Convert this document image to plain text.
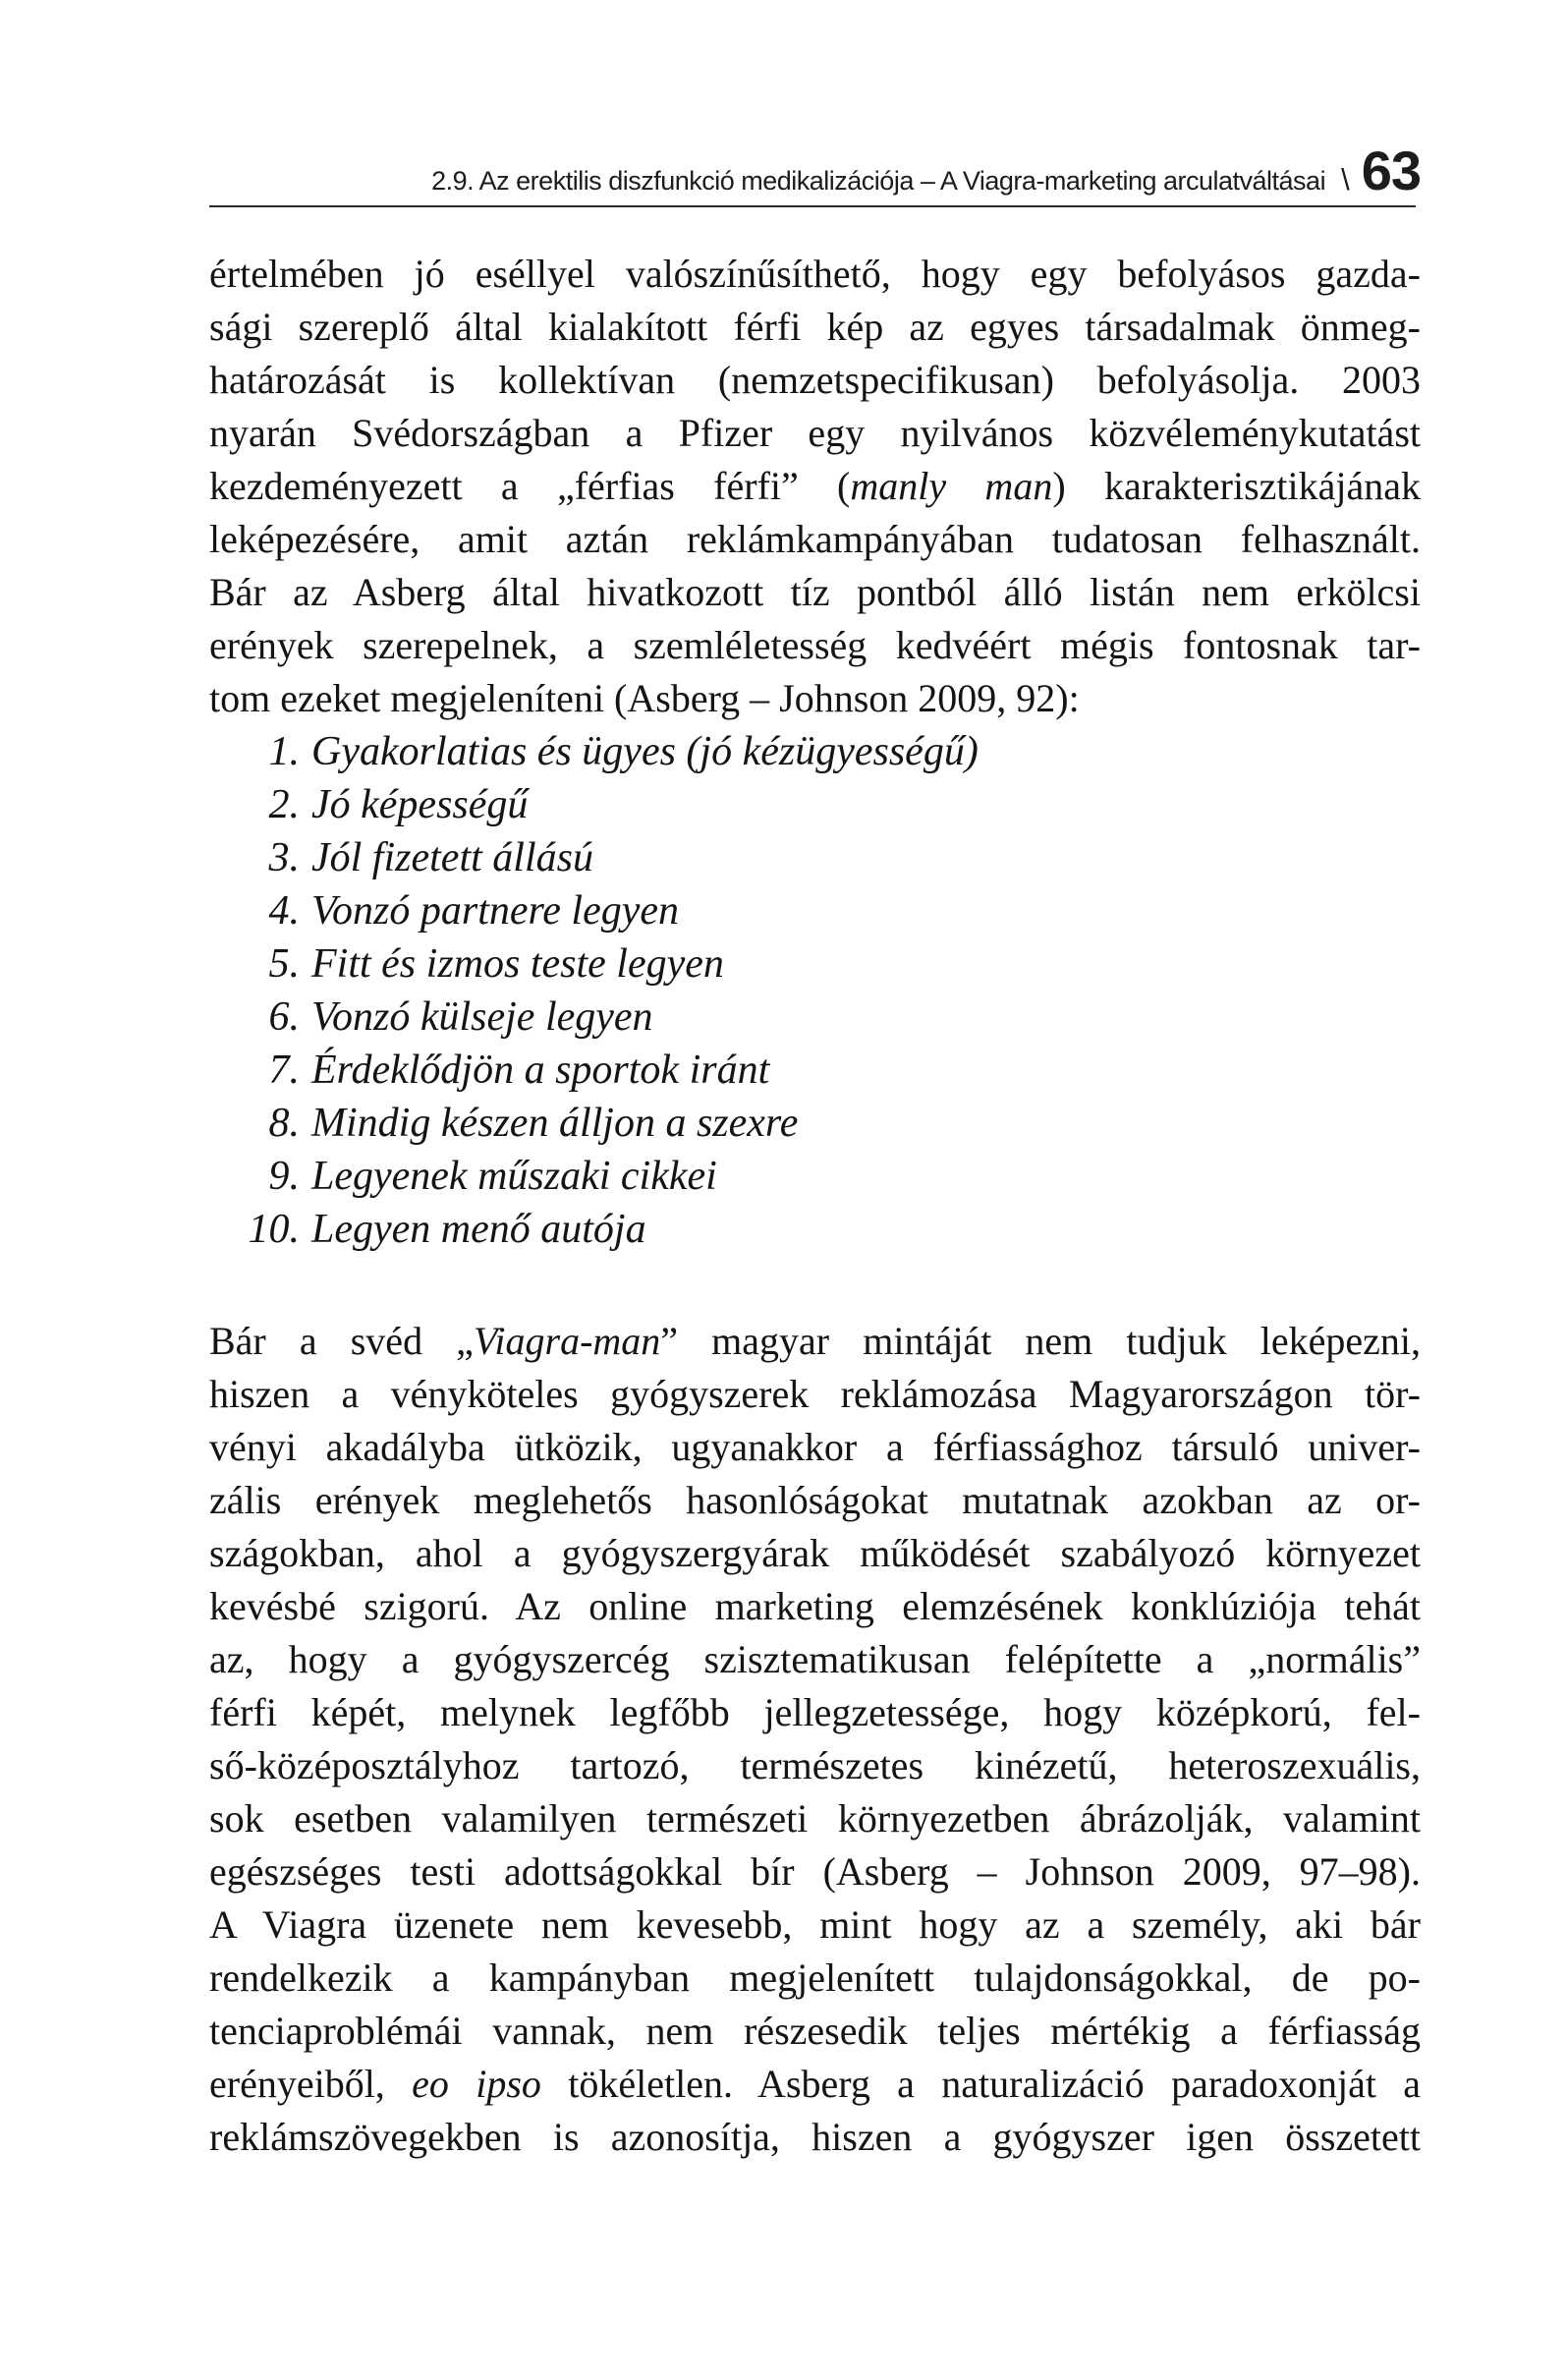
2.9. Az erektilis diszfunkció medikalizációja – A Viagra-marketing arculatváltásai \ 63
értelmében jó eséllyel valószínűsíthető, hogy egy befolyásos gazda-
sági szereplő által kialakított férfi kép az egyes társadalmak önmeg-
határozását is kollektívan (nemzetspecifikusan) befolyásolja. 2003
nyarán Svédországban a Pfizer egy nyilvános közvéleménykutatást
kezdeményezett a „férfias férfi” (manly man) karakterisztikájának
leképezésére, amit aztán reklámkampányában tudatosan felhasznált.
Bár az Asberg által hivatkozott tíz pontból álló listán nem erkölcsi
erények szerepelnek, a szemléletesség kedvéért mégis fontosnak tar-
tom ezeket megjeleníteni (Asberg – Johnson 2009, 92):
1. Gyakorlatias és ügyes (jó kézügyességű)
2. Jó képességű
3. Jól fizetett állású
4. Vonzó partnere legyen
5. Fitt és izmos teste legyen
6. Vonzó külseje legyen
7. Érdeklődjön a sportok iránt
8. Mindig készen álljon a szexre
9. Legyenek műszaki cikkei
10. Legyen menő autója
Bár a svéd „Viagra-man” magyar mintáját nem tudjuk leképezni,
hiszen a vényköteles gyógyszerek reklámozása Magyarországon tör-
vényi akadályba ütközik, ugyanakkor a férfiassághoz társuló univer-
zális erények meglehetős hasonlóságokat mutatnak azokban az or-
szágokban, ahol a gyógyszergyárak működését szabályozó környezet
kevésbé szigorú. Az online marketing elemzésének konklúziója tehát
az, hogy a gyógyszercég szisztematikusan felépítette a „normális”
férfi képét, melynek legfőbb jellegzetessége, hogy középkorú, fel-
ső-középosztályhoz tartozó, természetes kinézetű, heteroszexuális,
sok esetben valamilyen természeti környezetben ábrázolják, valamint
egészséges testi adottságokkal bír (Asberg – Johnson 2009, 97–98).
A Viagra üzenete nem kevesebb, mint hogy az a személy, aki bár
rendelkezik a kampányban megjelenített tulajdonságokkal, de po-
tenciaproblémái vannak, nem részesedik teljes mértékig a férfiasság
erényeiből, eo ipso tökéletlen. Asberg a naturalizáció paradoxonját a
reklámszövegekben is azonosítja, hiszen a gyógyszer igen összetett
